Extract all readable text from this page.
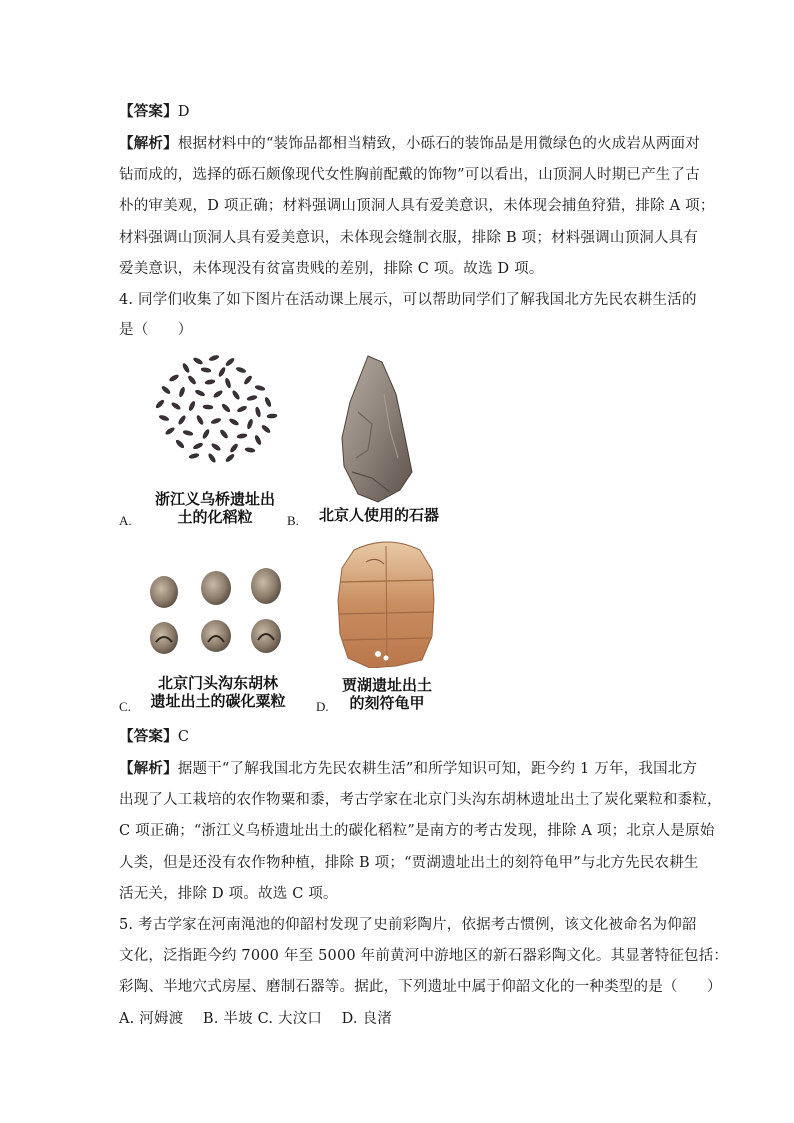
【答案】D
【解析】根据材料中的“装饰品都相当精致，小砾石的装饰品是用微绿色的火成岩从两面对
钻而成的，选择的砾石颇像现代女性胸前配戴的饰物”可以看出，山顶洞人时期已产生了古
朴的审美观，D 项正确；材料强调山顶洞人具有爱美意识，未体现会捕鱼狩猎，排除 A 项；
材料强调山顶洞人具有爱美意识，未体现会缝制衣服，排除 B 项；材料强调山顶洞人具有
爱美意识，未体现没有贫富贵贱的差别，排除 C 项。故选 D 项。
4. 同学们收集了如下图片在活动课上展示，可以帮助同学们了解我国北方先民农耕生活的
是（　　）
浙江义乌桥遗址出
土的化稻粒
A.	北京人使用的石器
B.
北京门头沟东胡林
遗址出土的碳化粟粒
C.
贾湖遗址出土
的刻符龟甲
D.
【答案】C
【解析】据题干“了解我国北方先民农耕生活”和所学知识可知，距今约 1 万年，我国北方
出现了人工栽培的农作物粟和黍，考古学家在北京门头沟东胡林遗址出土了炭化粟粒和黍粒，
C 项正确；“浙江义乌桥遗址出土的碳化稻粒”是南方的考古发现，排除 A 项；北京人是原始
人类，但是还没有农作物种植，排除 B 项；“贾湖遗址出土的刻符龟甲”与北方先民农耕生
活无关，排除 D 项。故选 C 项。
5. 考古学家在河南渑池的仰韶村发现了史前彩陶片，依据考古惯例，该文化被命名为仰韶
文化，泛指距今约 7000 年至 5000 年前黄河中游地区的新石器彩陶文化。其显著特征包括：
彩陶、半地穴式房屋、磨制石器等。据此，下列遗址中属于仰韶文化的一种类型的是（　　）
A. 河姆渡　 B. 半坡 C. 大汶口　 D. 良渚
